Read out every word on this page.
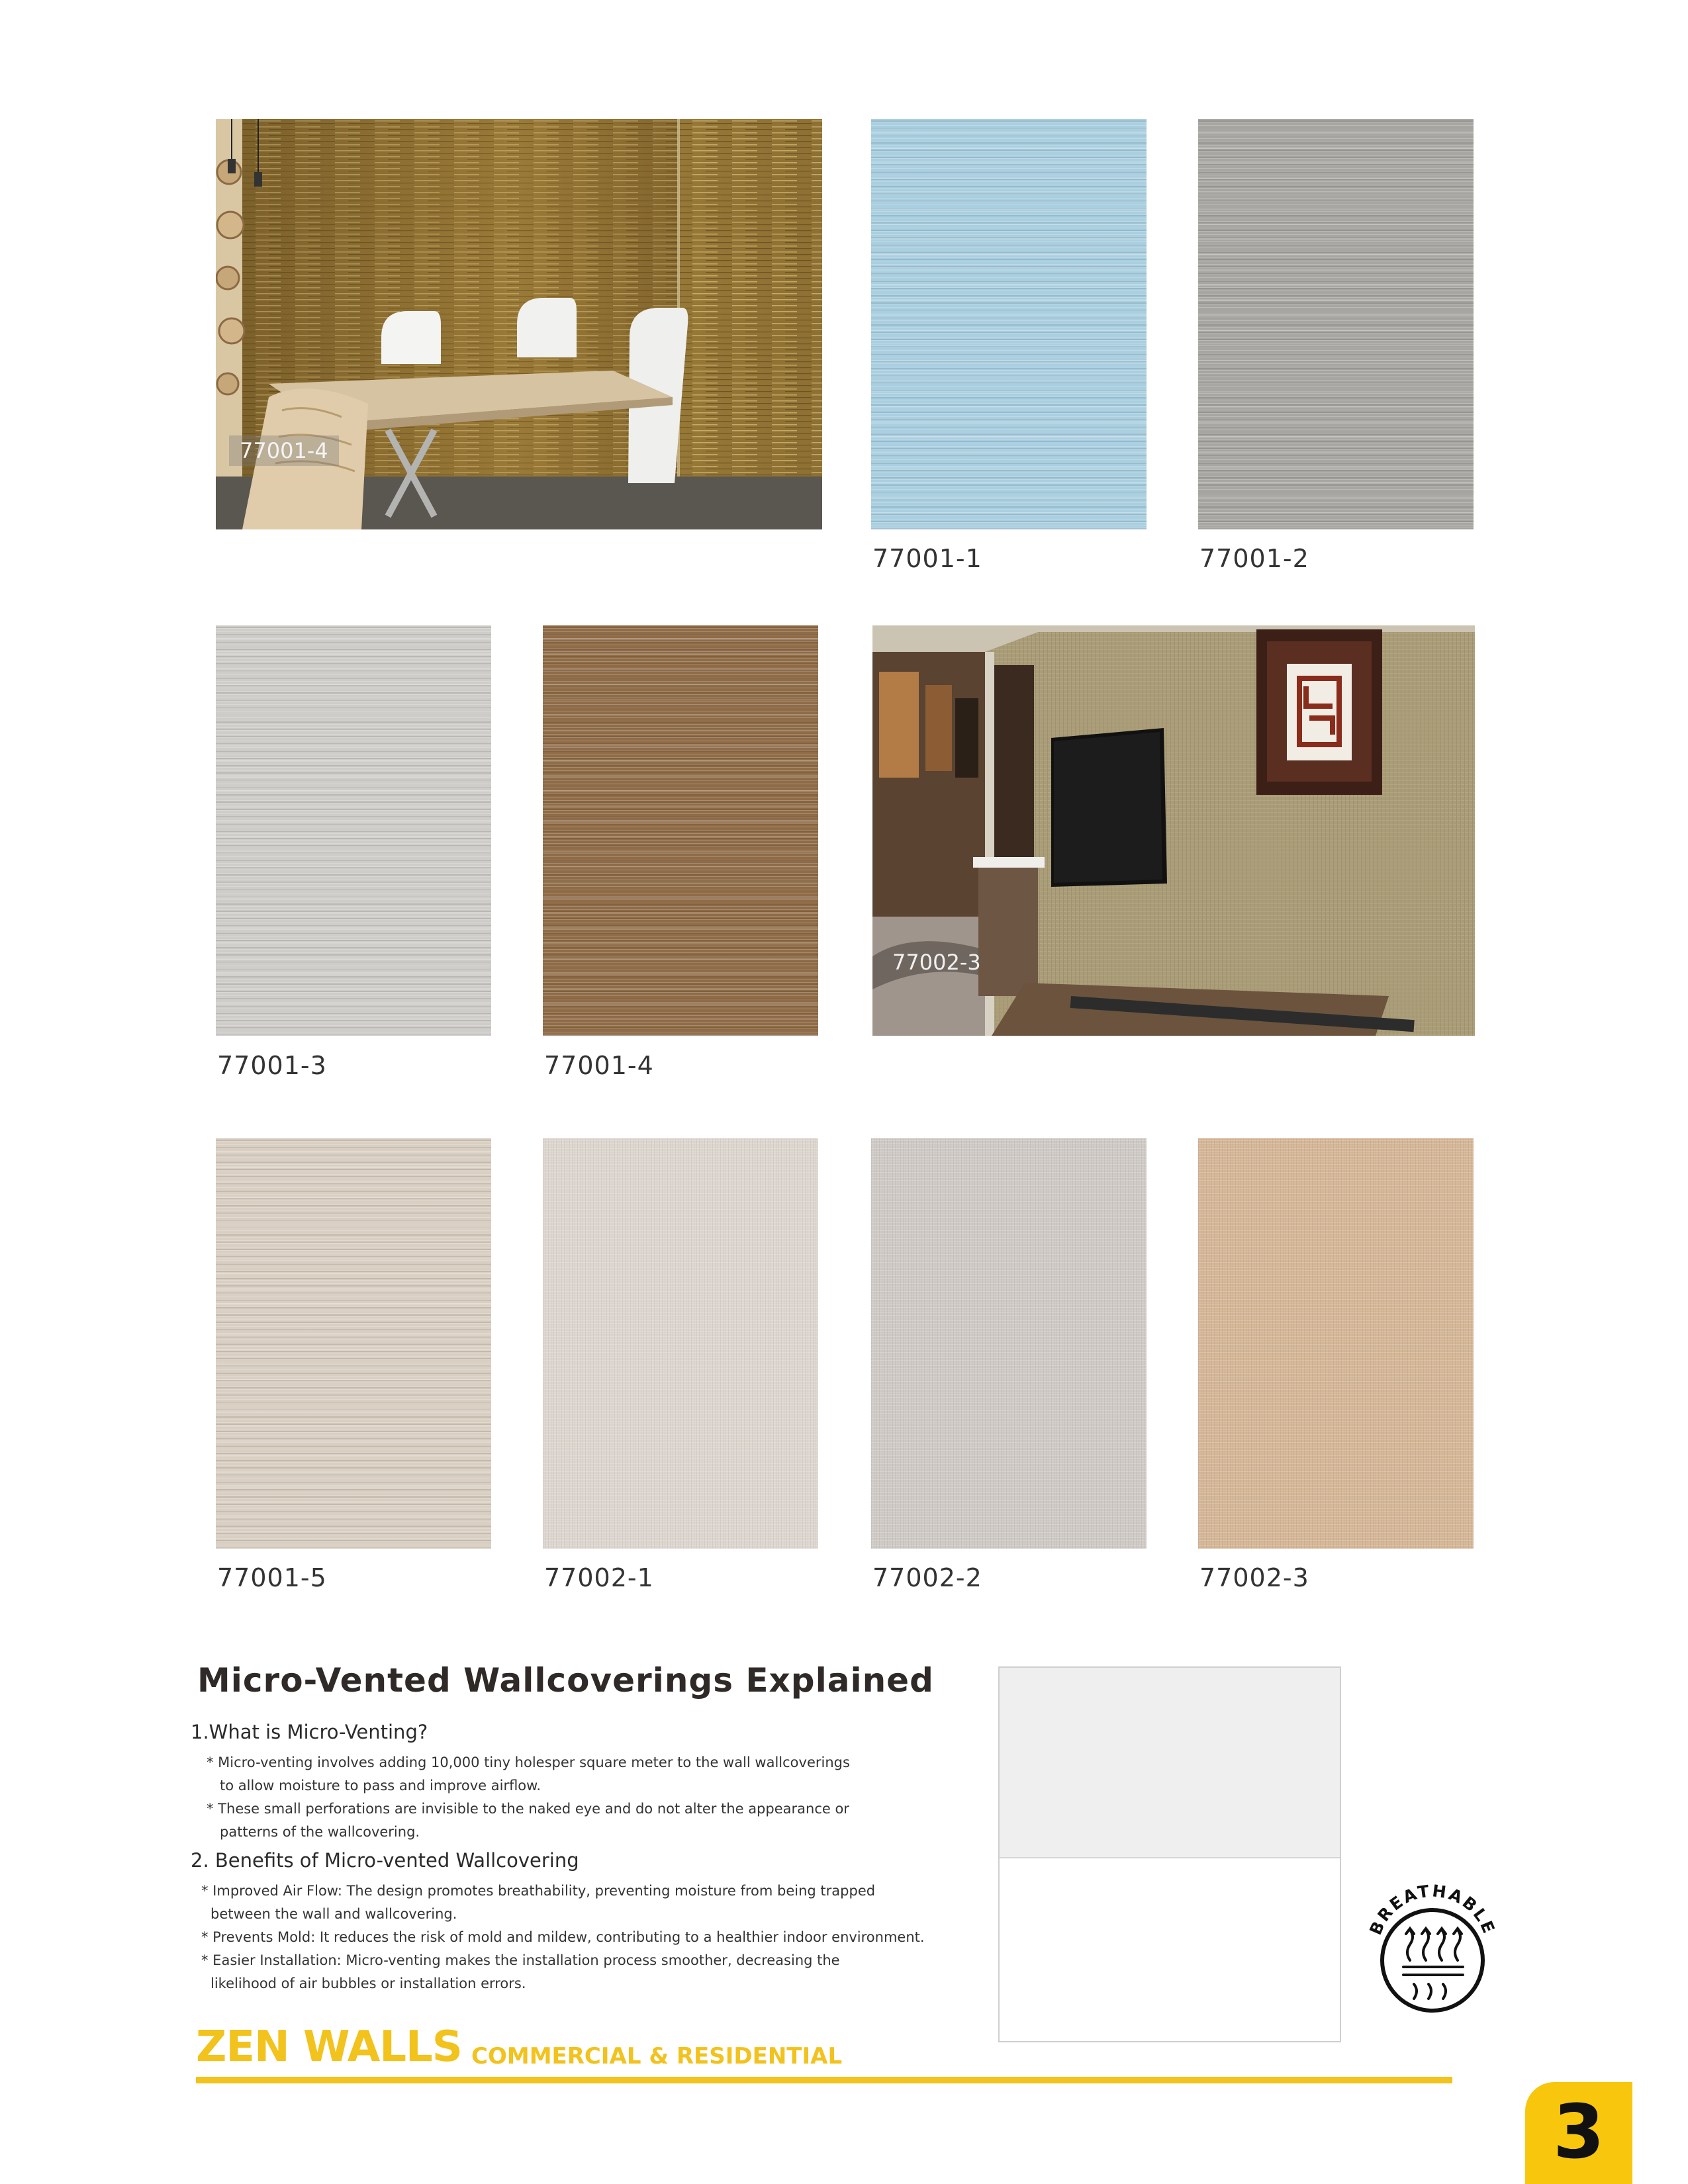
77001-4
77001-1	77001-2
77001-3	77001-4
77002-3
77001-5	77002-1	77002-2	77002-3
Micro-Vented Wallcoverings Explained
1.What is Micro-Venting?
* Micro-venting involves adding 10,000 tiny holesper square meter to the wall wallcoverings
to allow moisture to pass and improve airflow.
* These small perforations are invisible to the naked eye and do not alter the appearance or
patterns of the wallcovering.
2. Benefits of Micro-vented Wallcovering
* Improved Air Flow: The design promotes breathability, preventing moisture from being trapped
between the wall and wallcovering.
* Prevents Mold: It reduces the risk of mold and mildew, contributing to a healthier indoor environment.
* Easier Installation: Micro-venting makes the installation process smoother, decreasing the
likelihood of air bubbles or installation errors.
BREATHABLE
ZEN WALLS COMMERCIAL & RESIDENTIAL
3
